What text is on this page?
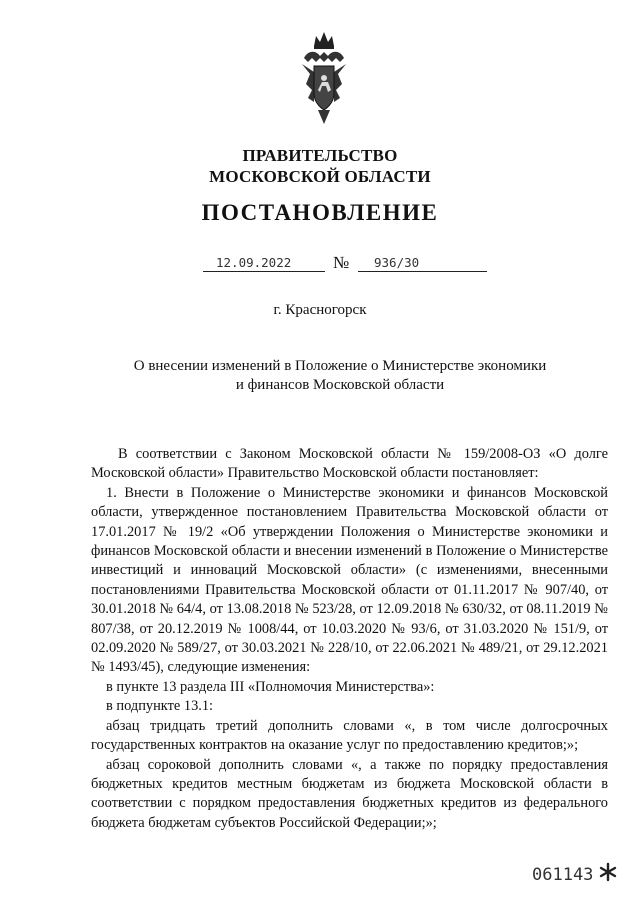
ПРАВИТЕЛЬСТВО
МОСКОВСКОЙ ОБЛАСТИ
ПОСТАНОВЛЕНИЕ
12.09.2022 № 936/30
г. Красногорск
О внесении изменений в Положение о Министерстве экономики
и финансов Московской области

В соответствии с Законом Московской области № 159/2008-ОЗ «О долге Московской области» Правительство Московской области постановляет:

1. Внести в Положение о Министерстве экономики и финансов Московской области, утвержденное постановлением Правительства Московской области от 17.01.2017 № 19/2 «Об утверждении Положения о Министерстве экономики и финансов Московской области и внесении изменений в Положение о Министерстве инвестиций и инноваций Московской области» (с изменениями, внесенными постановлениями Правительства Московской области от 01.11.2017 № 907/40, от 30.01.2018 № 64/4, от 13.08.2018 № 523/28, от 12.09.2018 № 630/32, от 08.11.2019 № 807/38, от 20.12.2019 № 1008/44, от 10.03.2020 № 93/6, от 31.03.2020 № 151/9, от 02.09.2020 № 589/27, от 30.03.2021 № 228/10, от 22.06.2021 № 489/21, от 29.12.2021 № 1493/45), следующие изменения:

в пункте 13 раздела III «Полномочия Министерства»:

в подпункте 13.1:

абзац тридцать третий дополнить словами «, в том числе долгосрочных государственных контрактов на оказание услуг по предоставлению кредитов;»;

абзац сороковой дополнить словами «, а также по порядку предоставления бюджетных кредитов местным бюджетам из бюджета Московской области в соответствии с порядком предоставления бюджетных кредитов из федерального бюджета бюджетам субъектов Российской Федерации;»;

061143
